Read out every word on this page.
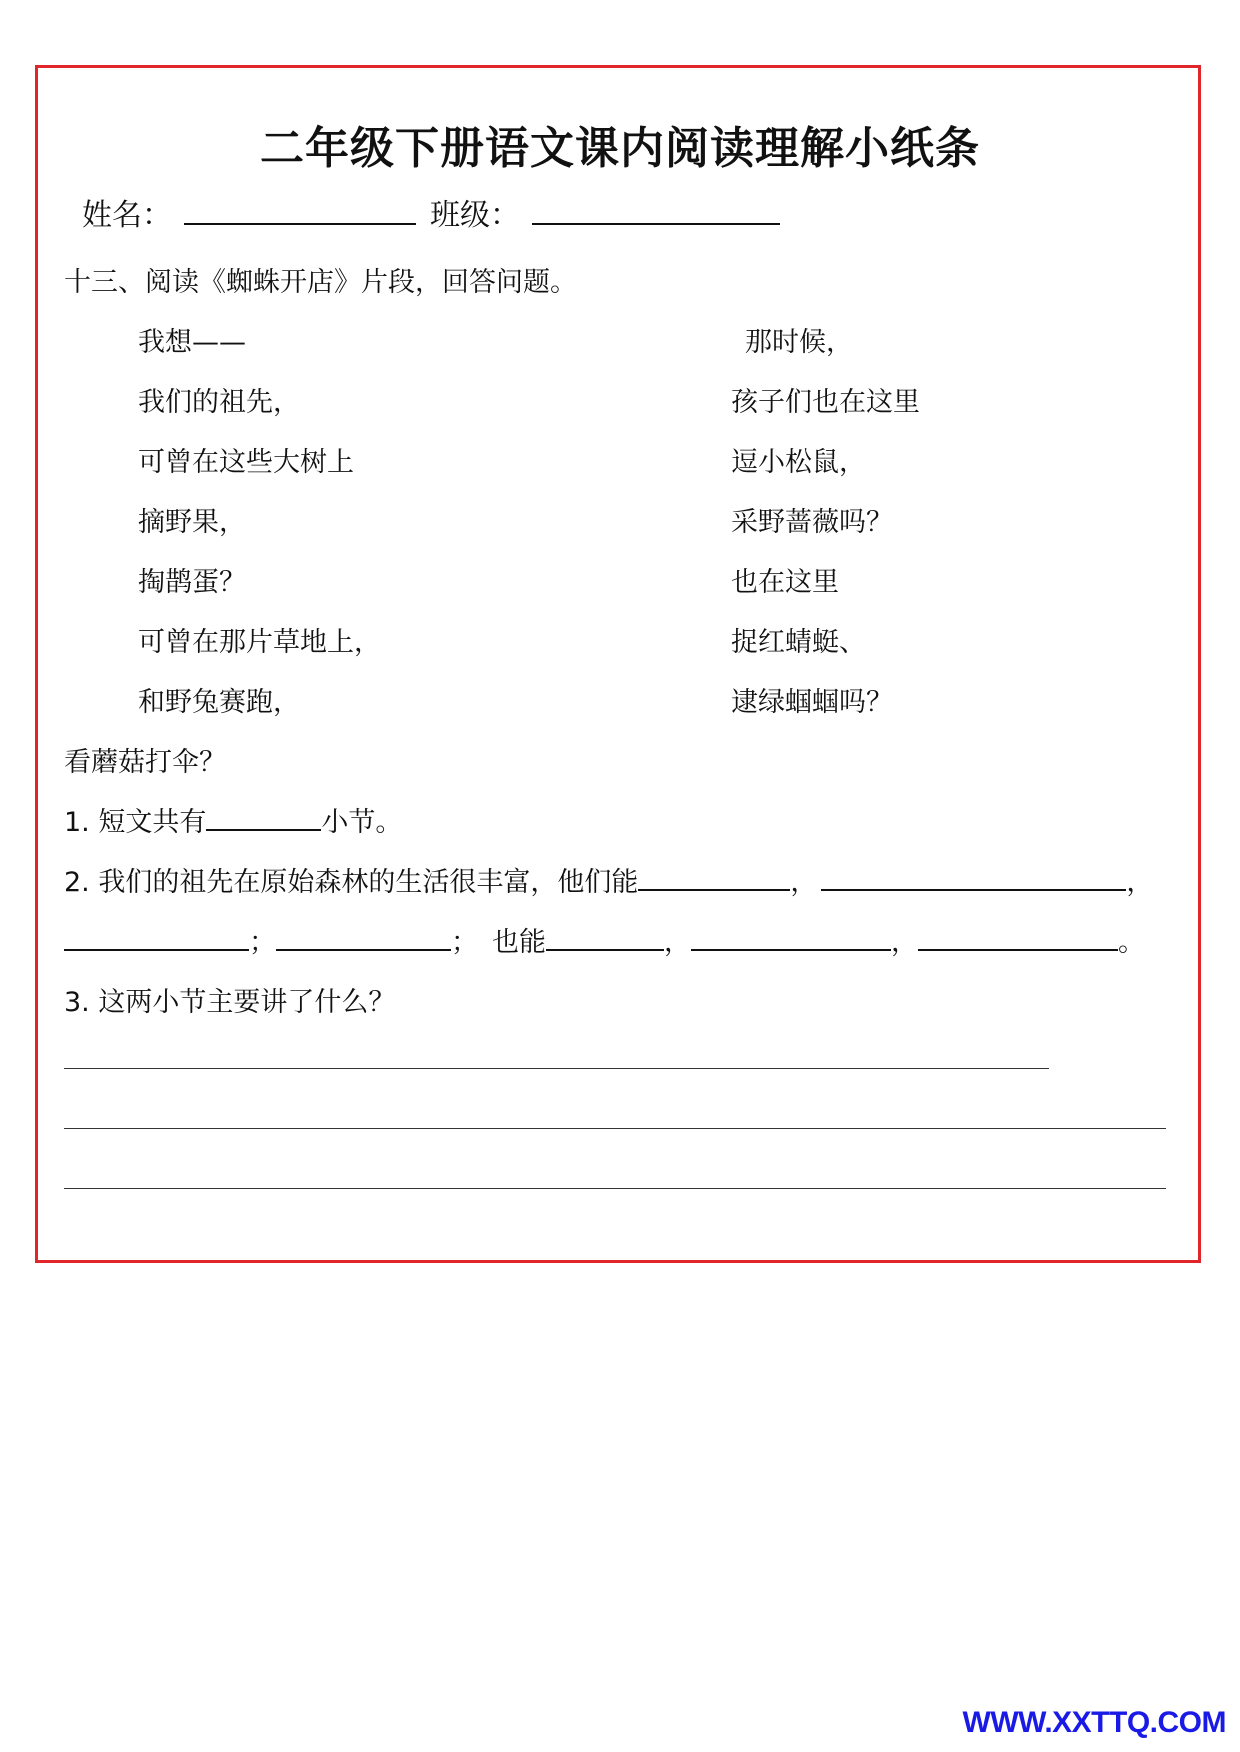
二年级下册语文课内阅读理解小纸条
姓名：	班级：
十三、阅读《蜘蛛开店》片段，回答问题。
我想——
我们的祖先，
可曾在这些大树上
摘野果，
掏鹊蛋？
可曾在那片草地上，
和野兔赛跑，
那时候，
孩子们也在这里
逗小松鼠，
采野蔷薇吗？
也在这里
捉红蜻蜓、
逮绿蝈蝈吗？
看蘑菇打伞？
1. 短文共有	小节。
2. 我们的祖先在原始森林的生活很丰富，他们能	，	，
；	； 也能	，	，	。
3. 这两小节主要讲了什么？
WWW.XXTTQ.COM
